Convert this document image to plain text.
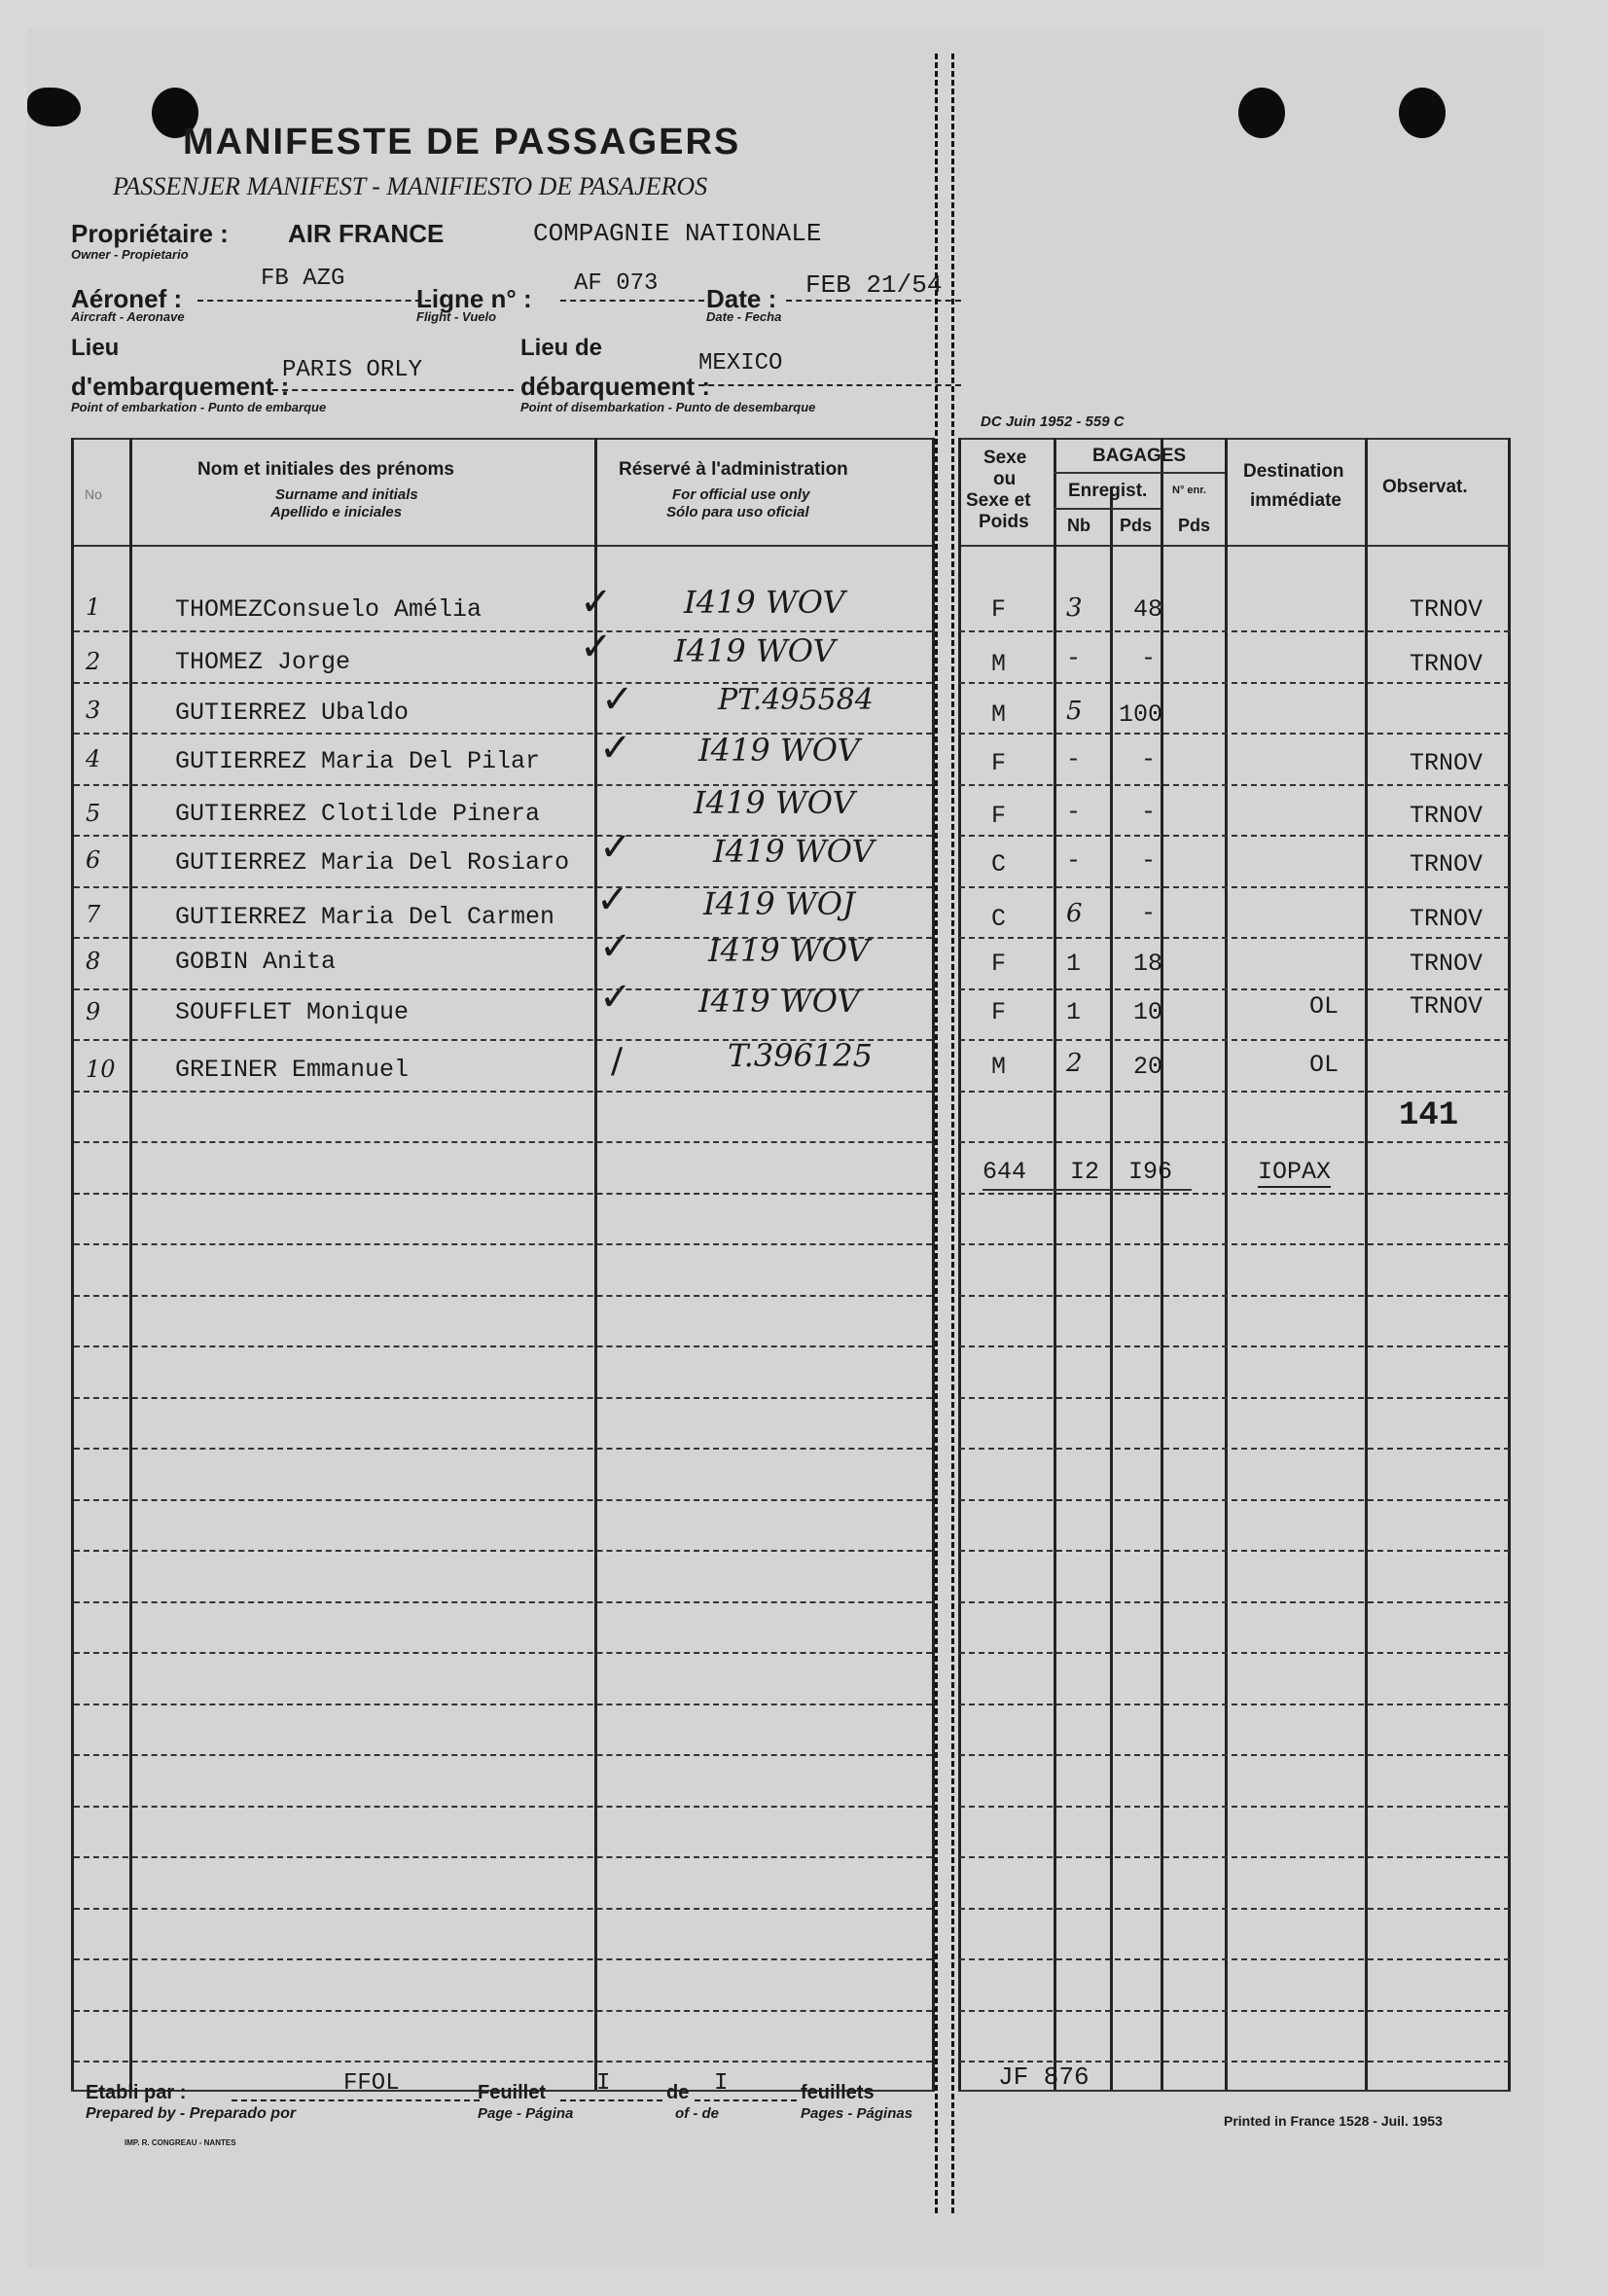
MANIFESTE DE PASSAGERS
PASSENJER MANIFEST - MANIFIESTO DE PASAJEROS
Propriétaire : AIR FRANCE	COMPAGNIE NATIONALE
Owner - Propietario
Aéronef :
FB AZG
Aircraft - Aeronave
Ligne n° :
AF 073
Flight - Vuelo
Date : FEB 21/54
Date - Fecha
Lieu
d'embarquement :
PARIS ORLY
Point of embarkation - Punto de embarque
Lieu de
débarquement :
MEXICO
Point of disembarkation - Punto de desembarque
DC Juin 1952 - 559 C
No
Nom et initiales des prénoms
Surname and initials
Apellido e iniciales
Réservé à l'administration
For official use only
Sólo para uso oficial
Sexe
ou
Sexe et
Poids
BAGAGES
Enregist.
Nb Pds
N° enr.
Pds
Destination
immédiate
Observat.
1	THOMEZConsuelo Amélia	✓ I419 WOV	F 3 48	TRNOV
2	THOMEZ Jorge	✓ I419 WOV	M - -	TRNOV
3	GUTIERREZ Ubaldo	✓	PT.495584	M 5 100
4	GUTIERREZ Maria Del Pilar ✓ I419 WOV	F - -	TRNOV
5	GUTIERREZ Clotilde Pinera	I419 WOV	F - -	TRNOV
6	GUTIERREZ Maria Del Rosiaro ✓	I419 WOV	C - -	TRNOV
7	GUTIERREZ Maria Del Carmen ✓ I419 WOJ	C 6 -	TRNOV
8	GOBIN Anita	✓ I419 WOV	F 1 18	TRNOV
9	SOUFFLET Monique	✓ I419 WOV	F 1 10	OL	TRNOV
10 GREINER Emmanuel	/	T.396125	M 2 20	OL
141
644 I2 I96	IOPAX
Etabli par :	FFOL
Prepared by - Preparado por
Feuillet I
Page - Página
de I
of - de
feuillets
Pages - Páginas
JF 876
Printed in France 1528 - Juil. 1953
IMP. R. CONGREAU - NANTES
